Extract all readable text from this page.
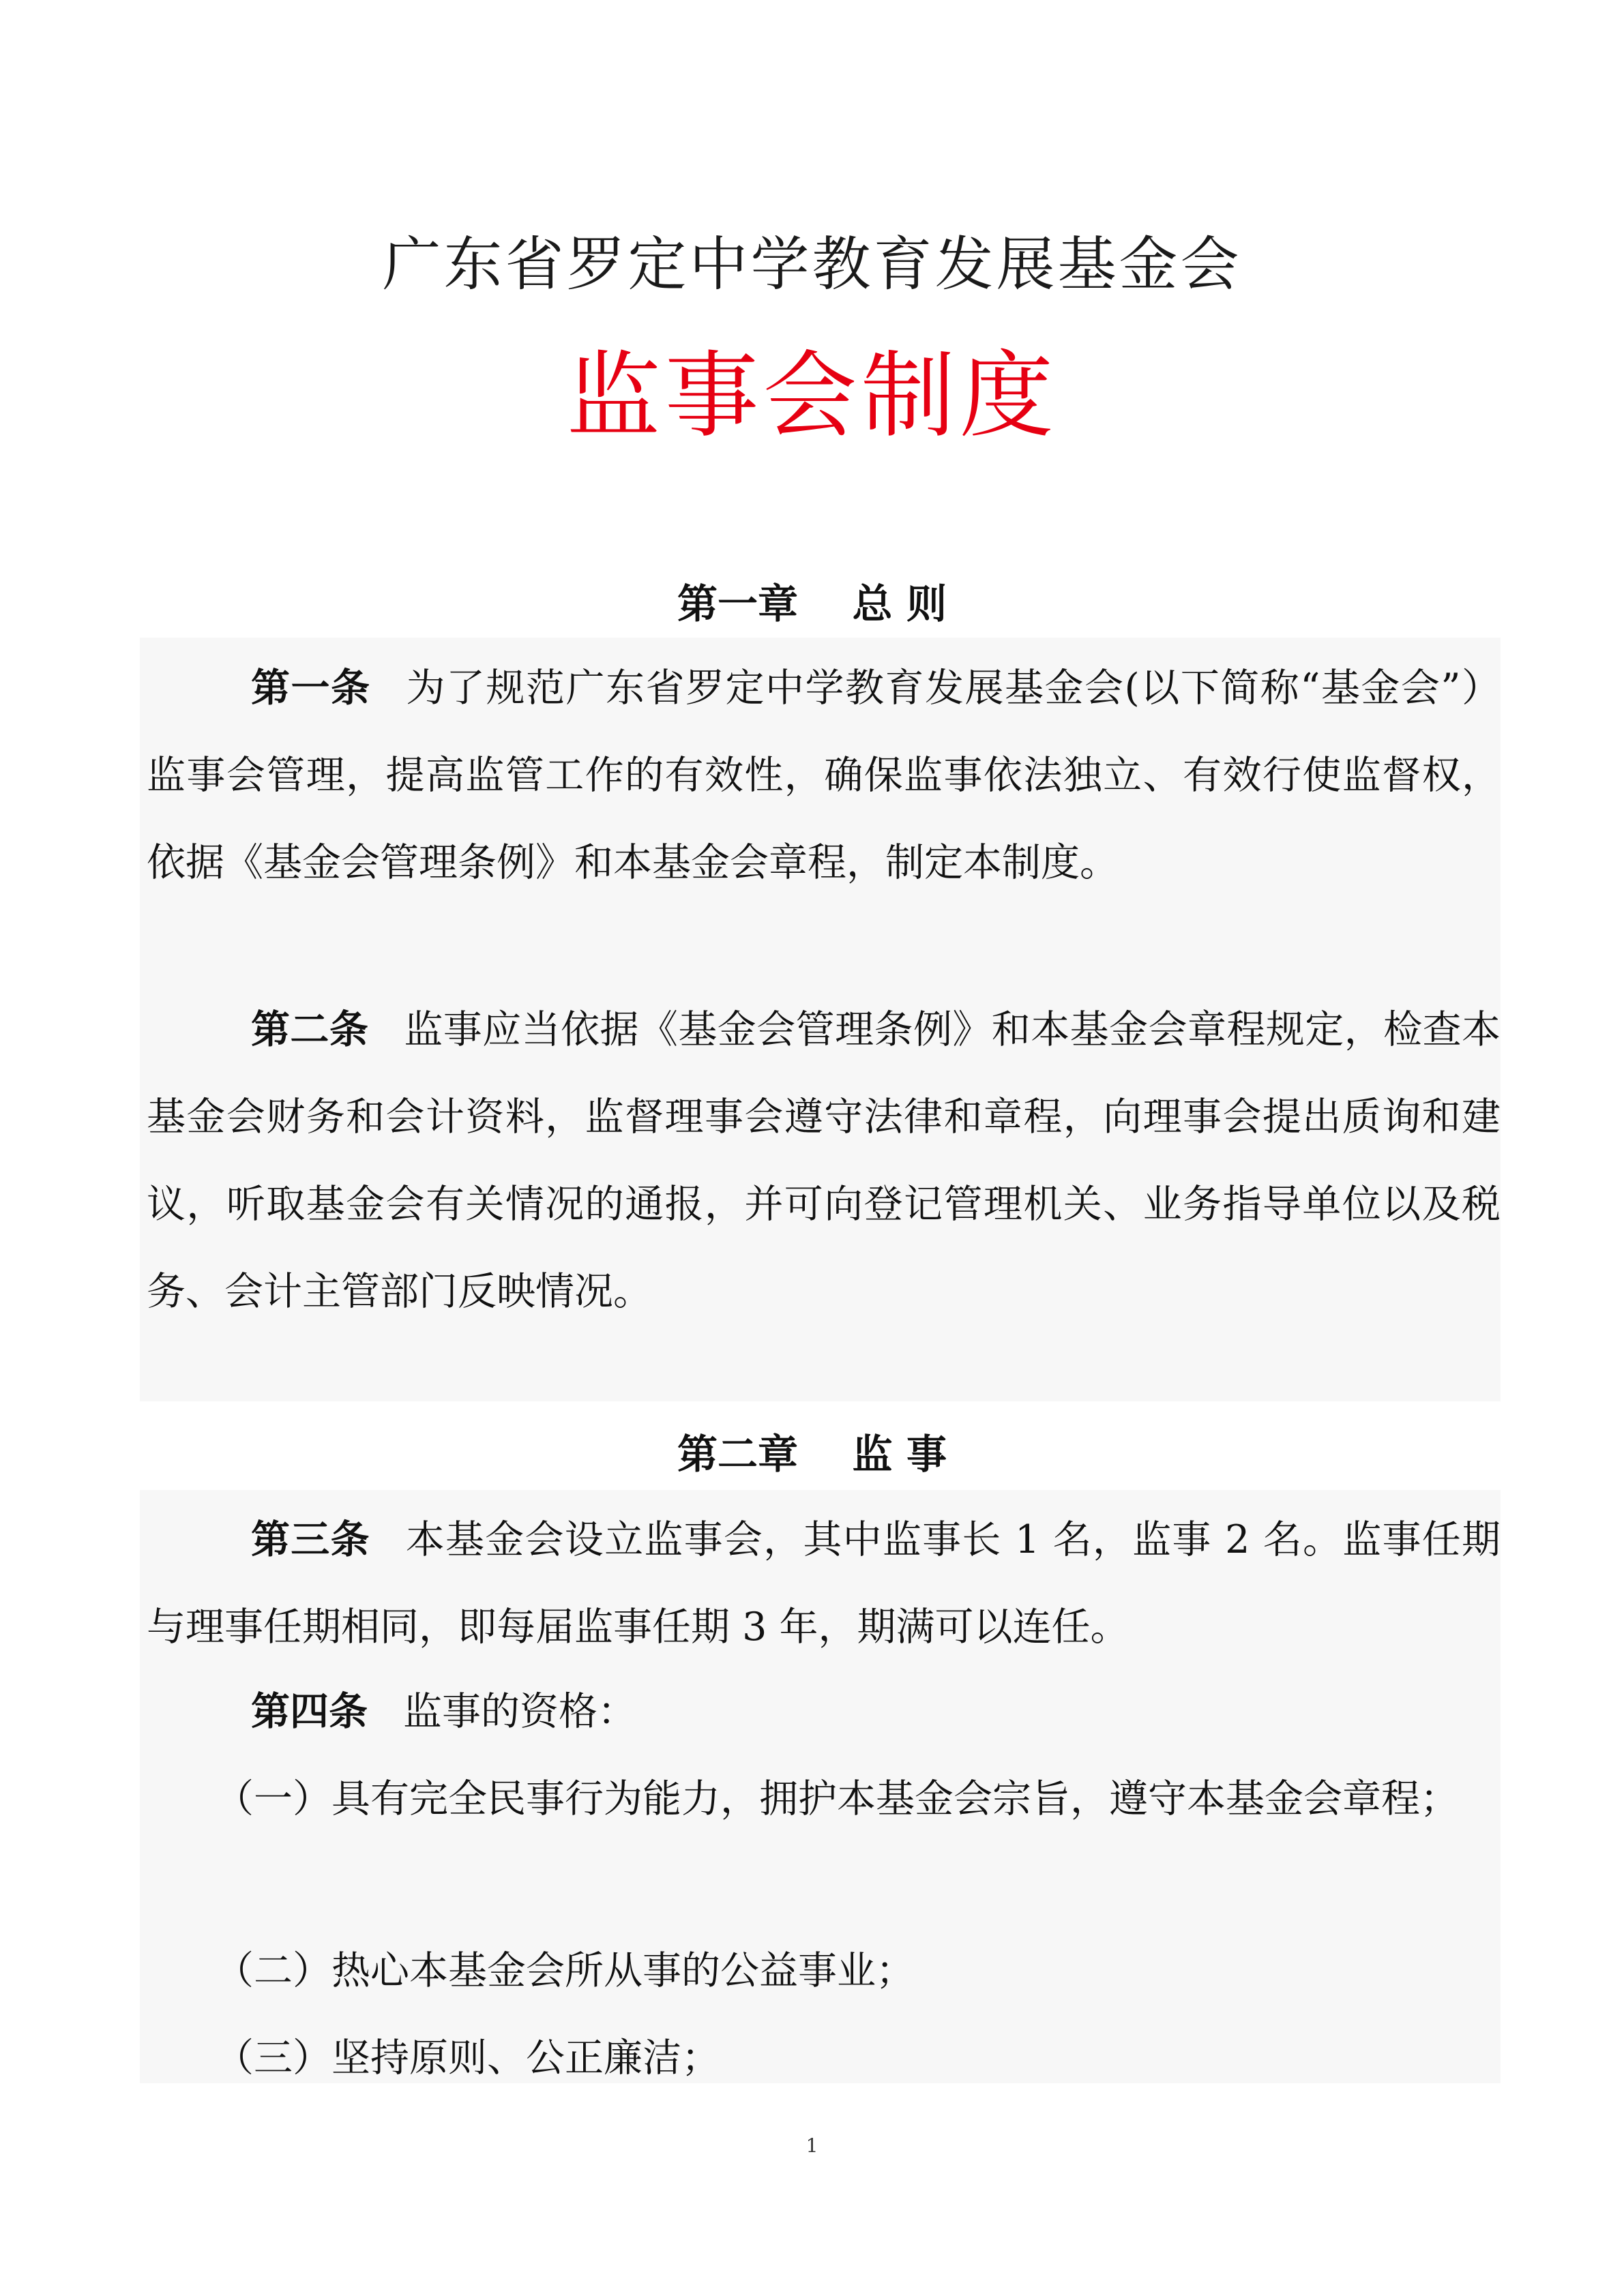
广东省罗定中学教育发展基金会
监事会制度
第一章　 总 则
第一条 为了规范广东省罗定中学教育发展基金会(以下简称“基金会”）监事会管理，提高监管工作的有效性，确保监事依法独立、有效行使监督权，依据《基金会管理条例》和本基金会章程，制定本制度。
第二条 监事应当依据《基金会管理条例》和本基金会章程规定，检查本基金会财务和会计资料，监督理事会遵守法律和章程，向理事会提出质询和建议，听取基金会有关情况的通报，并可向登记管理机关、业务指导单位以及税务、会计主管部门反映情况。
第二章　 监 事
第三条 本基金会设立监事会，其中监事长 1 名，监事 2 名。监事任期与理事任期相同，即每届监事任期 3 年，期满可以连任。
第四条 监事的资格：
（一）具有完全民事行为能力，拥护本基金会宗旨，遵守本基金会章程；
（二）热心本基金会所从事的公益事业；
（三）坚持原则、公正廉洁；
1
